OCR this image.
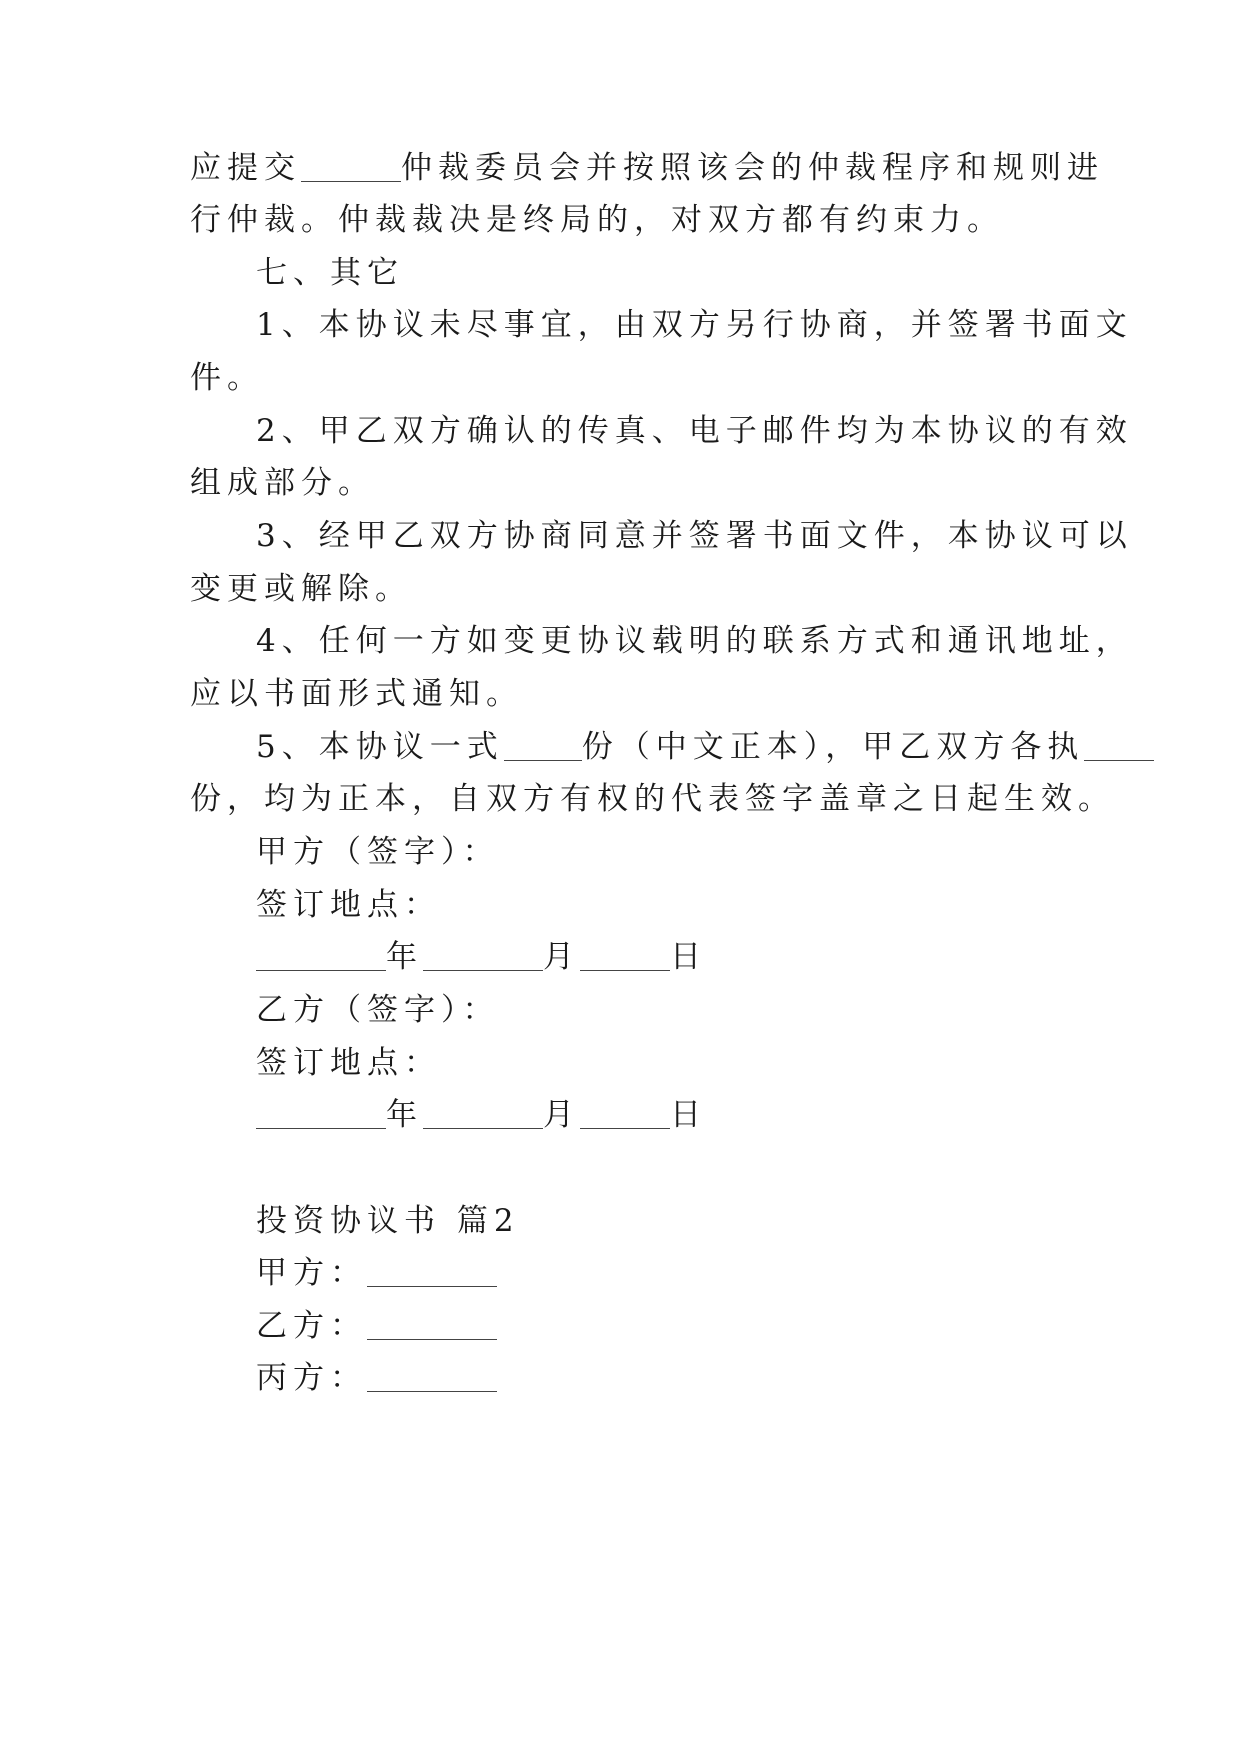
应提交	仲裁委员会并按照该会的仲裁程序和规则进
行仲裁。仲裁裁决是终局的，对双方都有约束力。
七、其它
1、本协议未尽事宜，由双方另行协商，并签署书面文
件。
2、甲乙双方确认的传真、电子邮件均为本协议的有效
组成部分。
3、经甲乙双方协商同意并签署书面文件，本协议可以
变更或解除。
4、任何一方如变更协议载明的联系方式和通讯地址，
应以书面形式通知。
5、本协议一式	份（中文正本），甲乙双方各执
份，均为正本，自双方有权的代表签字盖章之日起生效。
甲方（签字）：
签订地点：
年	月	日
乙方（签字）：
签订地点：
年	月	日
投资协议书 篇2
甲方：
乙方：
丙方：
